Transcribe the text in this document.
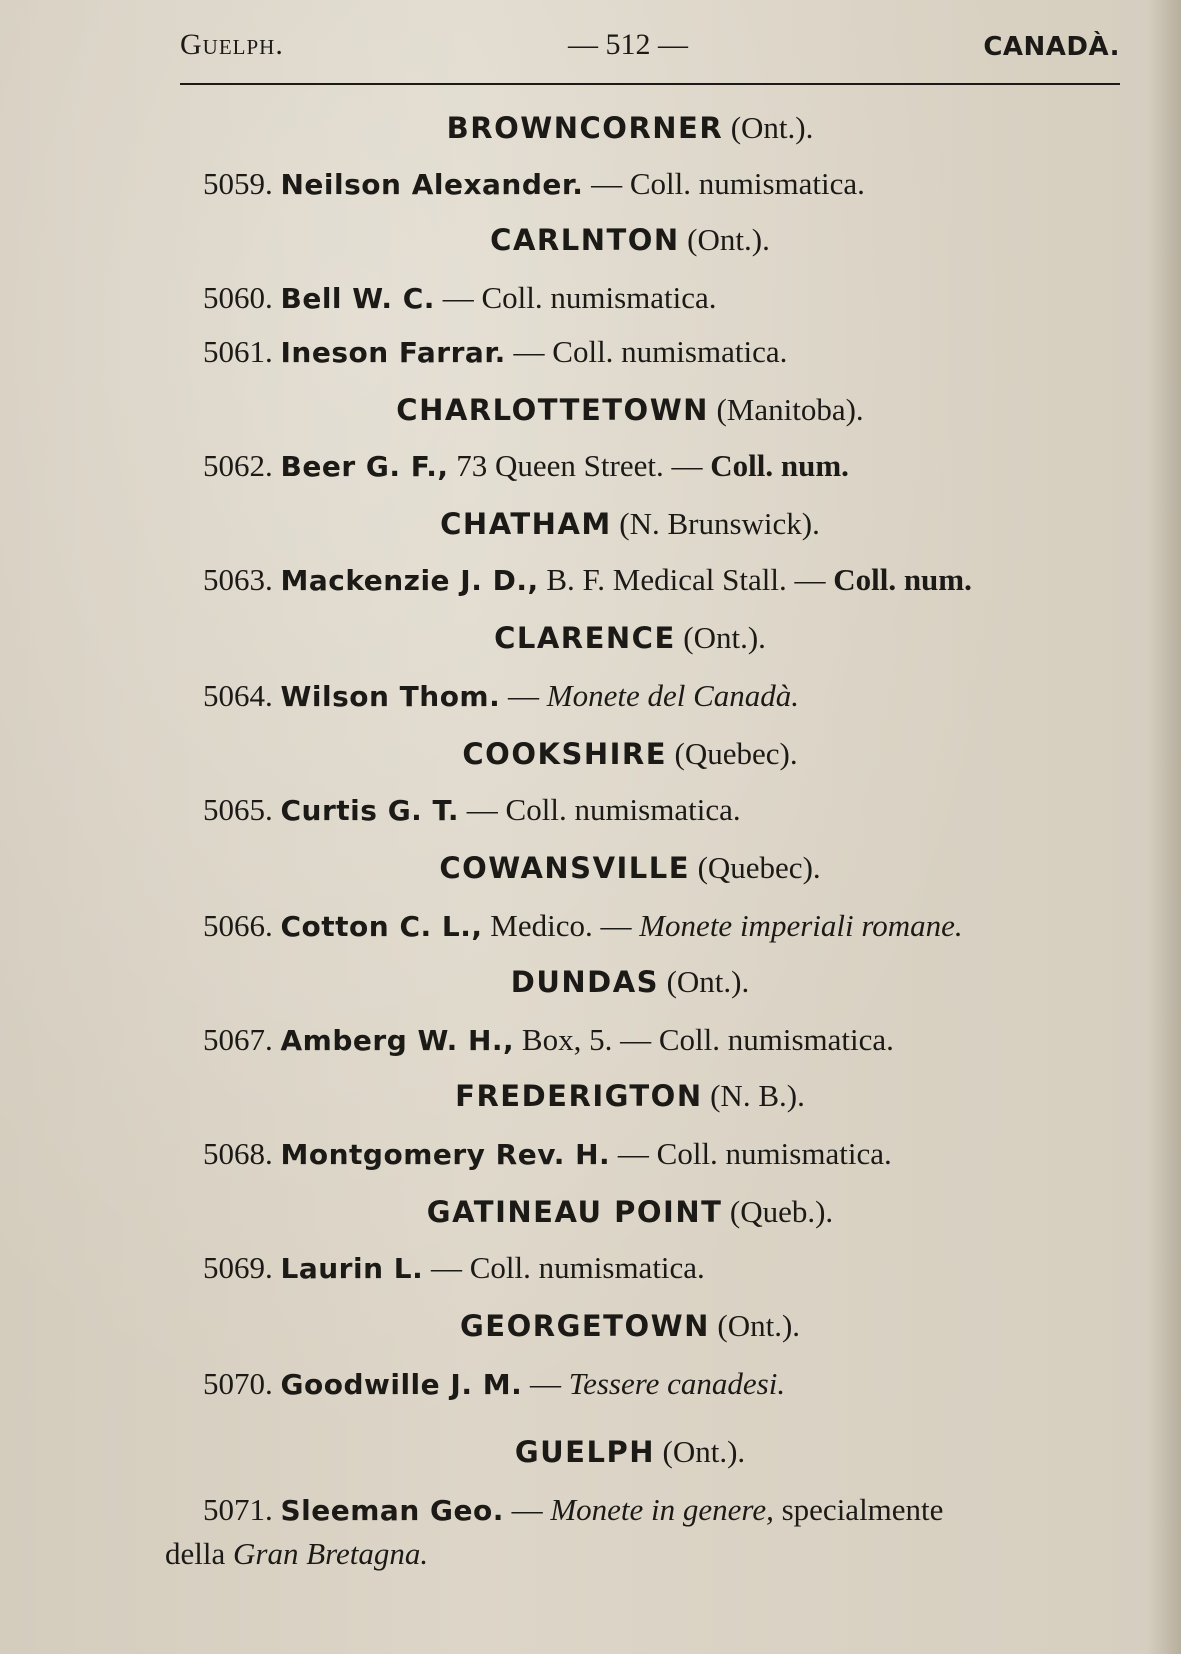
Guelph.	— 512 —	CANADÀ.
BROWNCORNER (Ont.).
5059. Neilson Alexander. — Coll. numismatica.
CARLNTON (Ont.).
5060. Bell W. C. — Coll. numismatica.
5061. Ineson Farrar. — Coll. numismatica.
CHARLOTTETOWN (Manitoba).
5062. Beer G. F., 73 Queen Street. — Coll. num.
CHATHAM (N. Brunswick).
5063. Mackenzie J. D., B. F. Medical Stall. — Coll. num.
CLARENCE (Ont.).
5064. Wilson Thom. — Monete del Canadà.
COOKSHIRE (Quebec).
5065. Curtis G. T. — Coll. numismatica.
COWANSVILLE (Quebec).
5066. Cotton C. L., Medico. — Monete imperiali romane.
DUNDAS (Ont.).
5067. Amberg W. H., Box, 5. — Coll. numismatica.
FREDERIGTON (N. B.).
5068. Montgomery Rev. H. — Coll. numismatica.
GATINEAU POINT (Queb.).
5069. Laurin L. — Coll. numismatica.
GEORGETOWN (Ont.).
5070. Goodwille J. M. — Tessere canadesi.
GUELPH (Ont.).
5071. Sleeman Geo. — Monete in genere, specialmente
della Gran Bretagna.
